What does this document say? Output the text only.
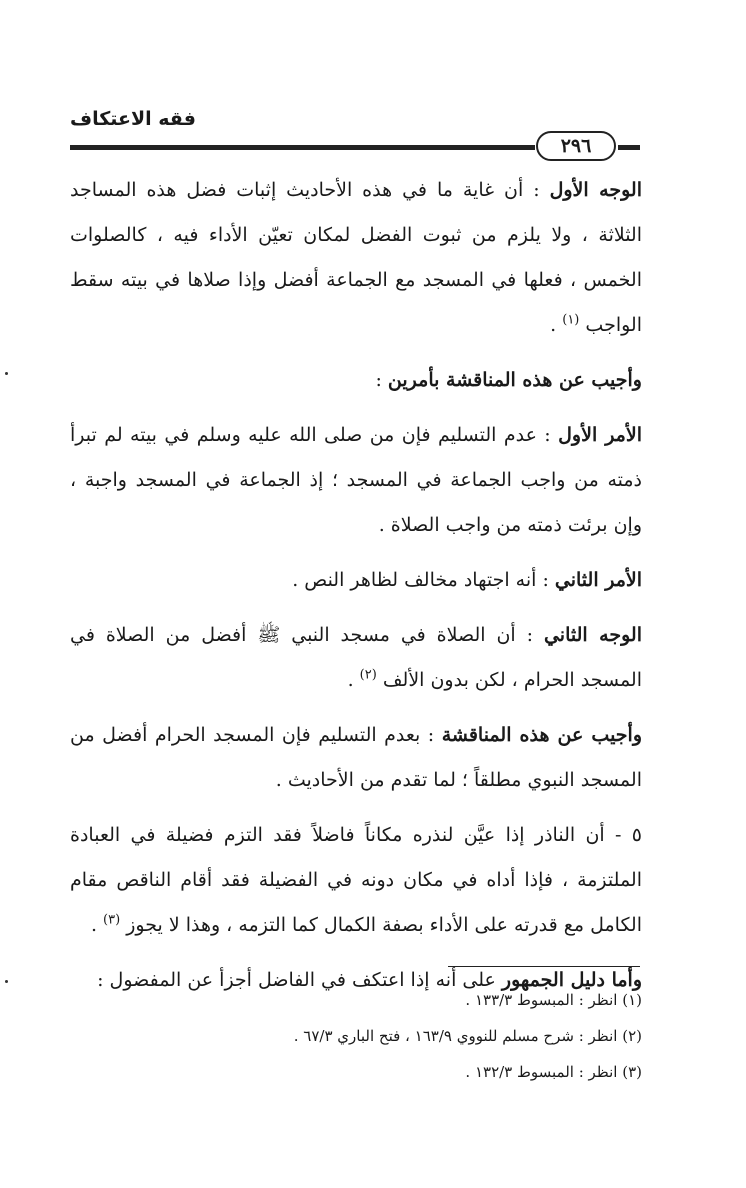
فقه الاعتكاف
٢٩٦

الوجه الأول : أن غاية ما في هذه الأحاديث إثبات فضل هذه المساجد الثلاثة ، ولا يلزم من ثبوت الفضل لمكان تعيّن الأداء فيه ، كالصلوات الخمس ، فعلها في المسجد مع الجماعة أفضل وإذا صلاها في بيته سقط الواجب $^{(١)}$ .

وأجيب عن هذه المناقشة بأمرين :

الأمر الأول : عدم التسليم فإن من صلى الله عليه وسلم في بيته لم تبرأ ذمته من واجب الجماعة في المسجد ؛ إذ الجماعة في المسجد واجبة ، وإن برئت ذمته من واجب الصلاة .

الأمر الثاني : أنه اجتهاد مخالف لظاهر النص .

الوجه الثاني : أن الصلاة في مسجد النبي ﷺ أفضل من الصلاة في المسجد الحرام ، لكن بدون الألف $^{(٢)}$ .

وأجيب عن هذه المناقشة : بعدم التسليم فإن المسجد الحرام أفضل من المسجد النبوي مطلقاً ؛ لما تقدم من الأحاديث .

٥ - أن الناذر إذا عيَّن لنذره مكاناً فاضلاً فقد التزم فضيلة في العبادة الملتزمة ، فإذا أداه في مكان دونه في الفضيلة فقد أقام الناقص مقام الكامل مع قدرته على الأداء بصفة الكمال كما التزمه ، وهذا لا يجوز $^{(٣)}$ .

وأما دليل الجمهور على أنه إذا اعتكف في الفاضل أجزأ عن المفضول :

(١) انظر : المبسوط ١٣٣/٣ .

(٢) انظر : شرح مسلم للنووي ١٦٣/٩ ، فتح الباري ٦٧/٣ .

(٣) انظر : المبسوط ١٣٢/٣ .
